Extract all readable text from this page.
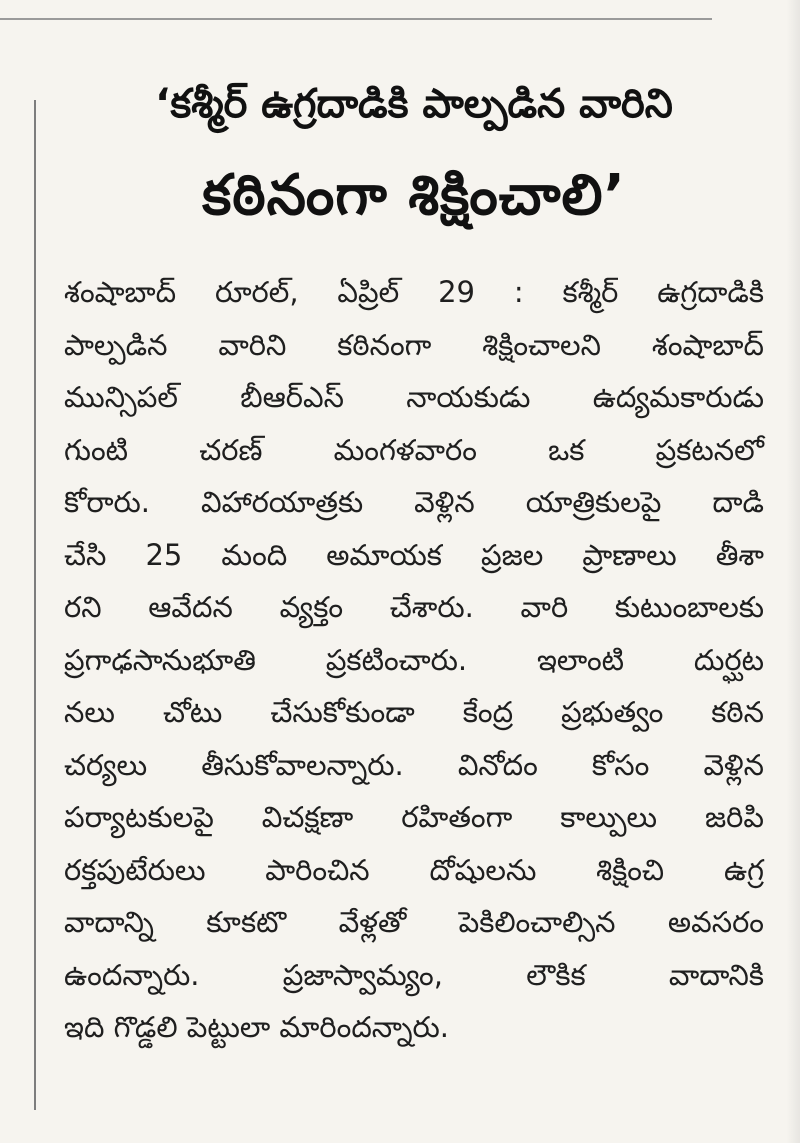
‘కశ్మీర్ ఉగ్రదాడికి పాల్పడిన వారిని
కఠినంగా శిక్షించాలి’
శంషాబాద్ రూరల్, ఏప్రిల్ 29 : కశ్మీర్ ఉగ్రదాడికి
పాల్పడిన వారిని కఠినంగా శిక్షించాలని శంషాబాద్
మున్సిపల్ బీఆర్ఎస్ నాయకుడు ఉద్యమకారుడు
గుంటి చరణ్ మంగళవారం ఒక ప్రకటనలో
కోరారు. విహారయాత్రకు వెళ్లిన యాత్రికులపై దాడి
చేసి 25 మంది అమాయక ప్రజల ప్రాణాలు తీశా
రని ఆవేదన వ్యక్తం చేశారు. వారి కుటుంబాలకు
ప్రగాఢసానుభూతి ప్రకటించారు. ఇలాంటి దుర్ఘట
నలు చోటు చేసుకోకుండా కేంద్ర ప్రభుత్వం కఠిన
చర్యలు తీసుకోవాలన్నారు. వినోదం కోసం వెళ్లిన
పర్యాటకులపై విచక్షణా రహితంగా కాల్పులు జరిపి
రక్తపుటేరులు పారించిన దోషులను శిక్షించి ఉగ్ర
వాదాన్ని కూకటొ వేళ్లతో పెకిలించాల్సిన అవసరం
ఉందన్నారు. ప్రజాస్వామ్యం, లౌకిక వాదానికి
ఇది గొడ్డలి పెట్టులా మారిందన్నారు.
